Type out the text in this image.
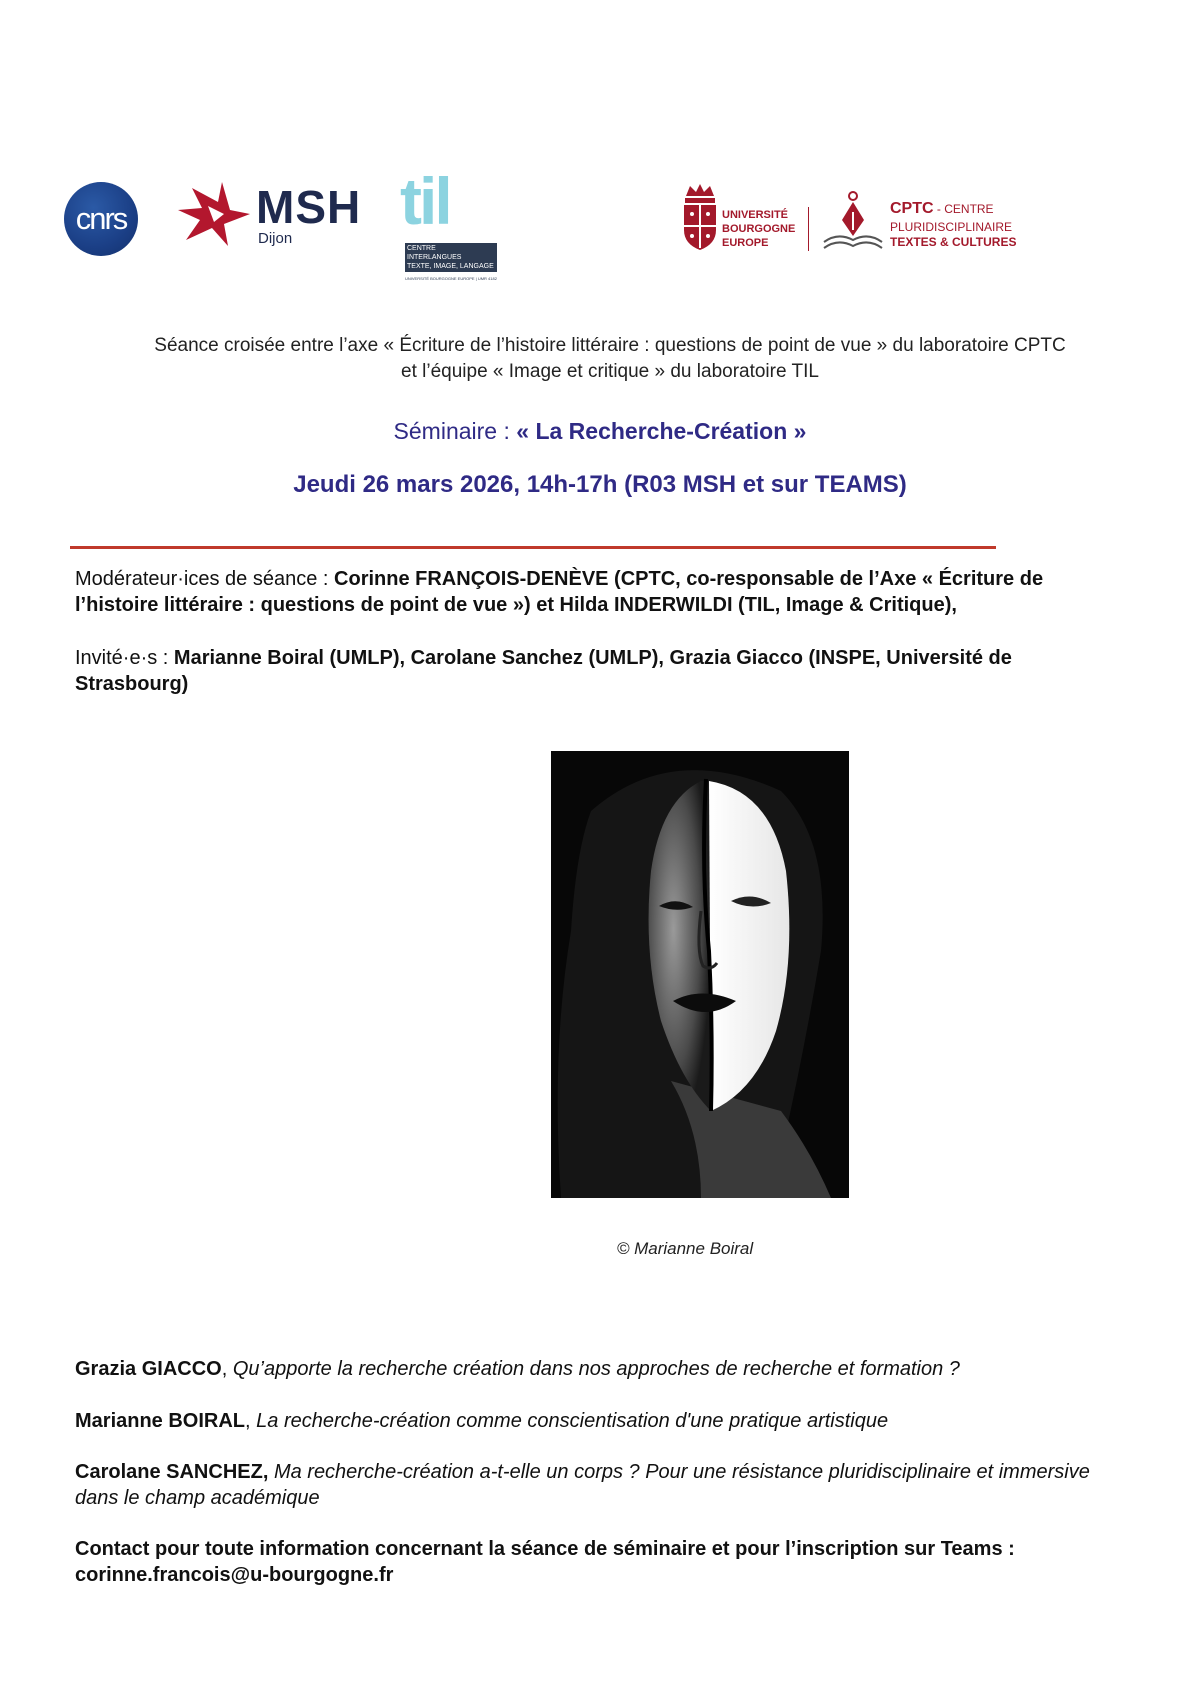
cnrs	MSH
Dijon
til
CENTRE
INTERLANGUES
TEXTE, IMAGE, LANGAGE
UNIVERSITÉ BOURGOGNE EUROPE | UMR 4182
UNIVERSITÉ
BOURGOGNE
EUROPE
CPTC - CENTRE
PLURIDISCIPLINAIRE
TEXTES & CULTURES
Séance croisée entre l’axe « Écriture de l’histoire littéraire : questions de point de vue » du laboratoire CPTC et l’équipe « Image et critique » du laboratoire TIL
Séminaire : « La Recherche-Création »
Jeudi 26 mars 2026, 14h-17h (R03 MSH et sur TEAMS)
Modérateur·ices de séance : Corinne FRANÇOIS-DENÈVE (CPTC, co-responsable de l’Axe « Écriture de l’histoire littéraire : questions de point de vue ») et Hilda INDERWILDI (TIL, Image & Critique),
Invité·e·s : Marianne Boiral (UMLP), Carolane Sanchez (UMLP), Grazia Giacco (INSPE, Université de Strasbourg)
© Marianne Boiral
Grazia GIACCO, Qu’apporte la recherche création dans nos approches de recherche et formation ?
Marianne BOIRAL, La recherche-création comme conscientisation d'une pratique artistique
Carolane SANCHEZ, Ma recherche-création a-t-elle un corps ? Pour une résistance pluridisciplinaire et immersive dans le champ académique
Contact pour toute information concernant la séance de séminaire et pour l’inscription sur Teams : corinne.francois@u-bourgogne.fr
